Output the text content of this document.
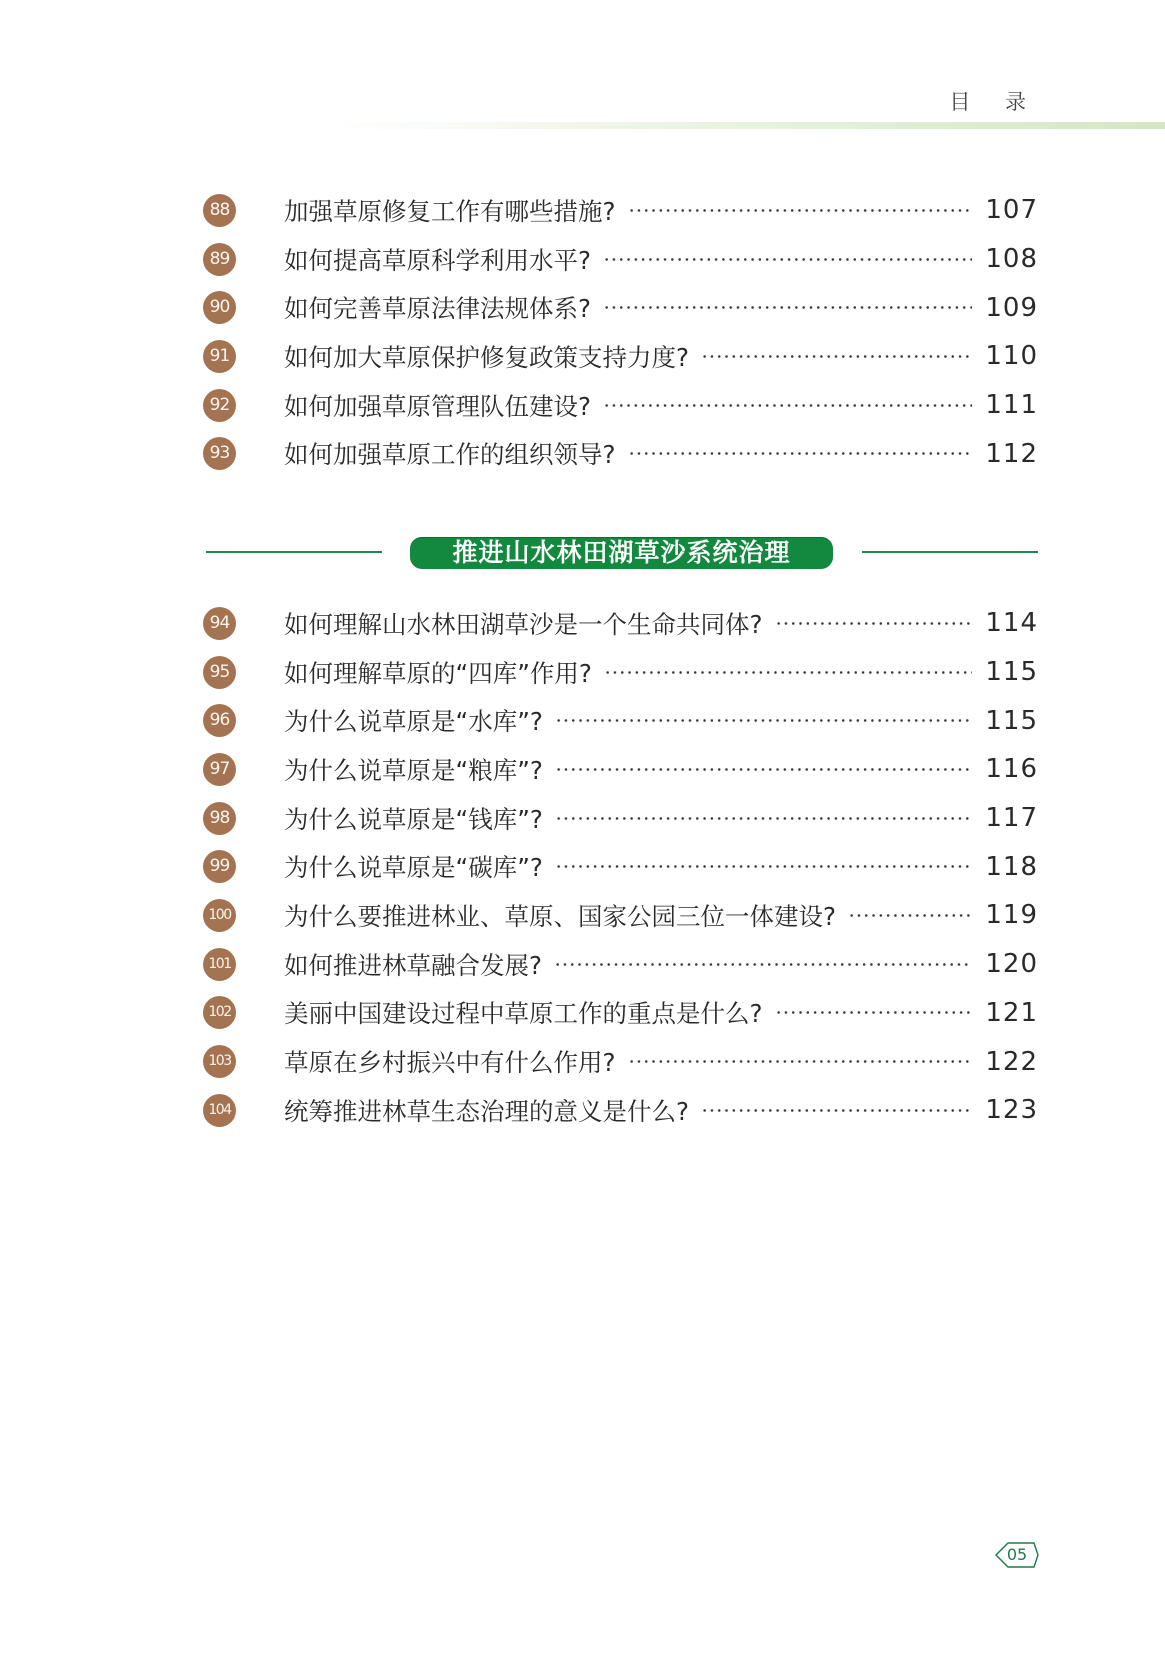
目 录
88 加强草原修复工作有哪些措施?	107
89 如何提高草原科学利用水平?	108
90 如何完善草原法律法规体系?	109
91 如何加大草原保护修复政策支持力度?	110
92 如何加强草原管理队伍建设?	111
93 如何加强草原工作的组织领导?	112
推进山水林田湖草沙系统治理
94 如何理解山水林田湖草沙是一个生命共同体?	114
95 如何理解草原的“四库”作用?	115
96 为什么说草原是“水库”?	115
97 为什么说草原是“粮库”?	116
98 为什么说草原是“钱库”?	117
99 为什么说草原是“碳库”?	118
100 为什么要推进林业、草原、国家公园三位一体建设?	119
101 如何推进林草融合发展?	120
102 美丽中国建设过程中草原工作的重点是什么?	121
103 草原在乡村振兴中有什么作用?	122
104 统筹推进林草生态治理的意义是什么?	123
05
